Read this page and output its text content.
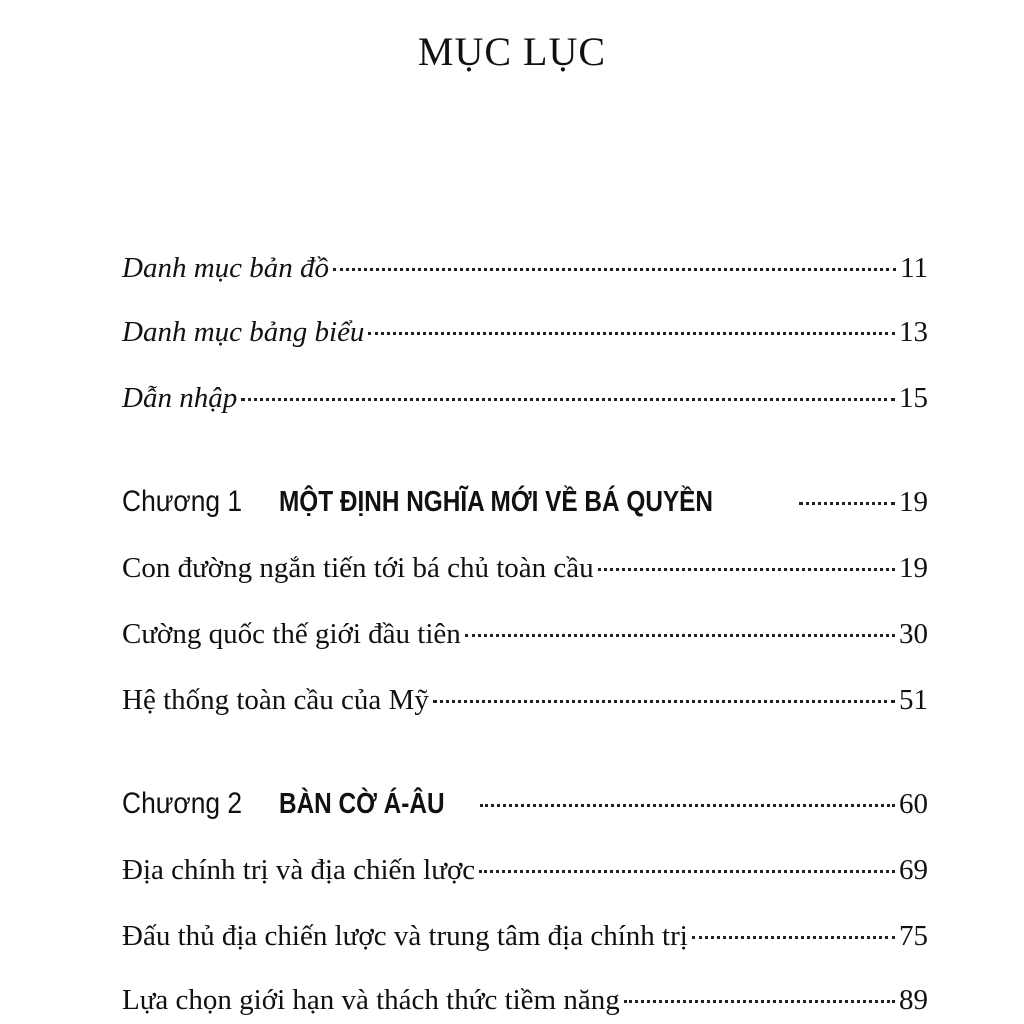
MỤC LỤC
Danh mục bản đồ	11
Danh mục bảng biểu	13
Dẫn nhập	15
Chương 1 MỘT ĐỊNH NGHĨA MỚI VỀ BÁ QUYỀN	19
Con đường ngắn tiến tới bá chủ toàn cầu	19
Cường quốc thế giới đầu tiên	30
Hệ thống toàn cầu của Mỹ	51
Chương 2 BÀN CỜ Á-ÂU	60
Địa chính trị và địa chiến lược	69
Đấu thủ địa chiến lược và trung tâm địa chính trị	75
Lựa chọn giới hạn và thách thức tiềm năng	89
